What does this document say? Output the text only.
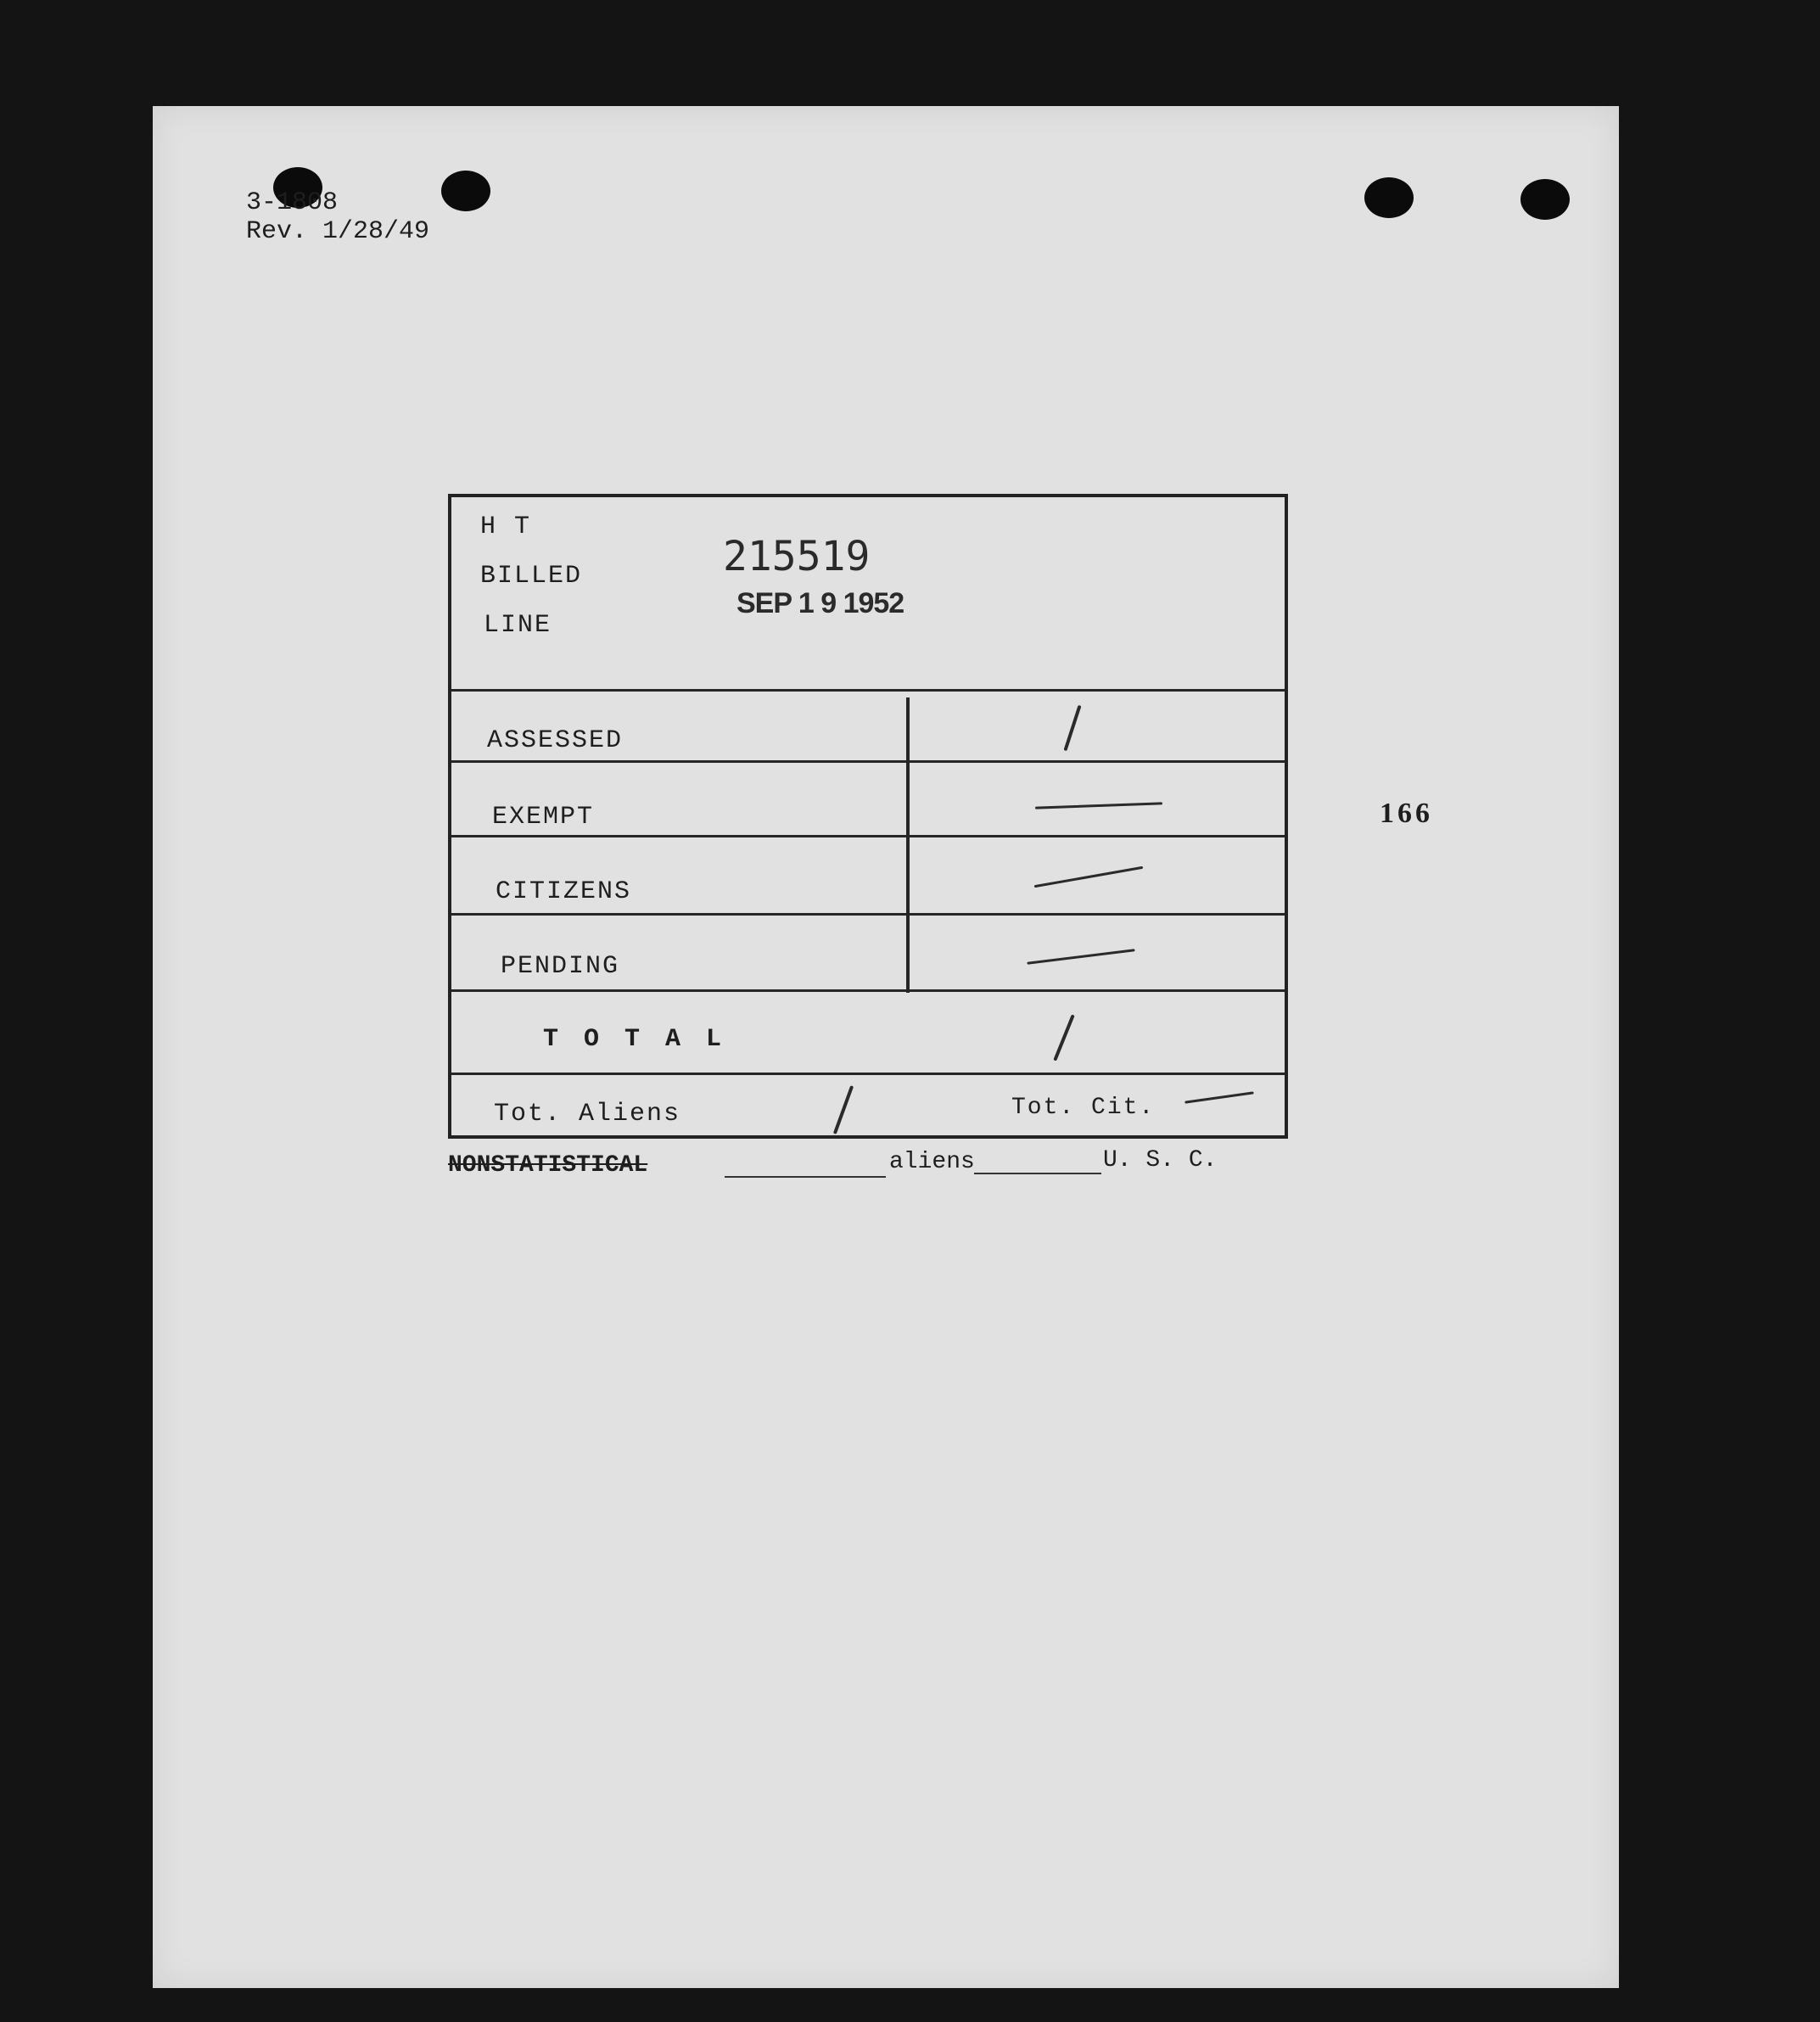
3-1808
Rev. 1/28/49
H T
BILLED
LINE
215519
SEP 1 9 1952
ASSESSED
EXEMPT
CITIZENS
PENDING
T O T A L
Tot. Aliens	Tot. Cit.
NONSTATISTICAL	aliens	U. S. C.
166
